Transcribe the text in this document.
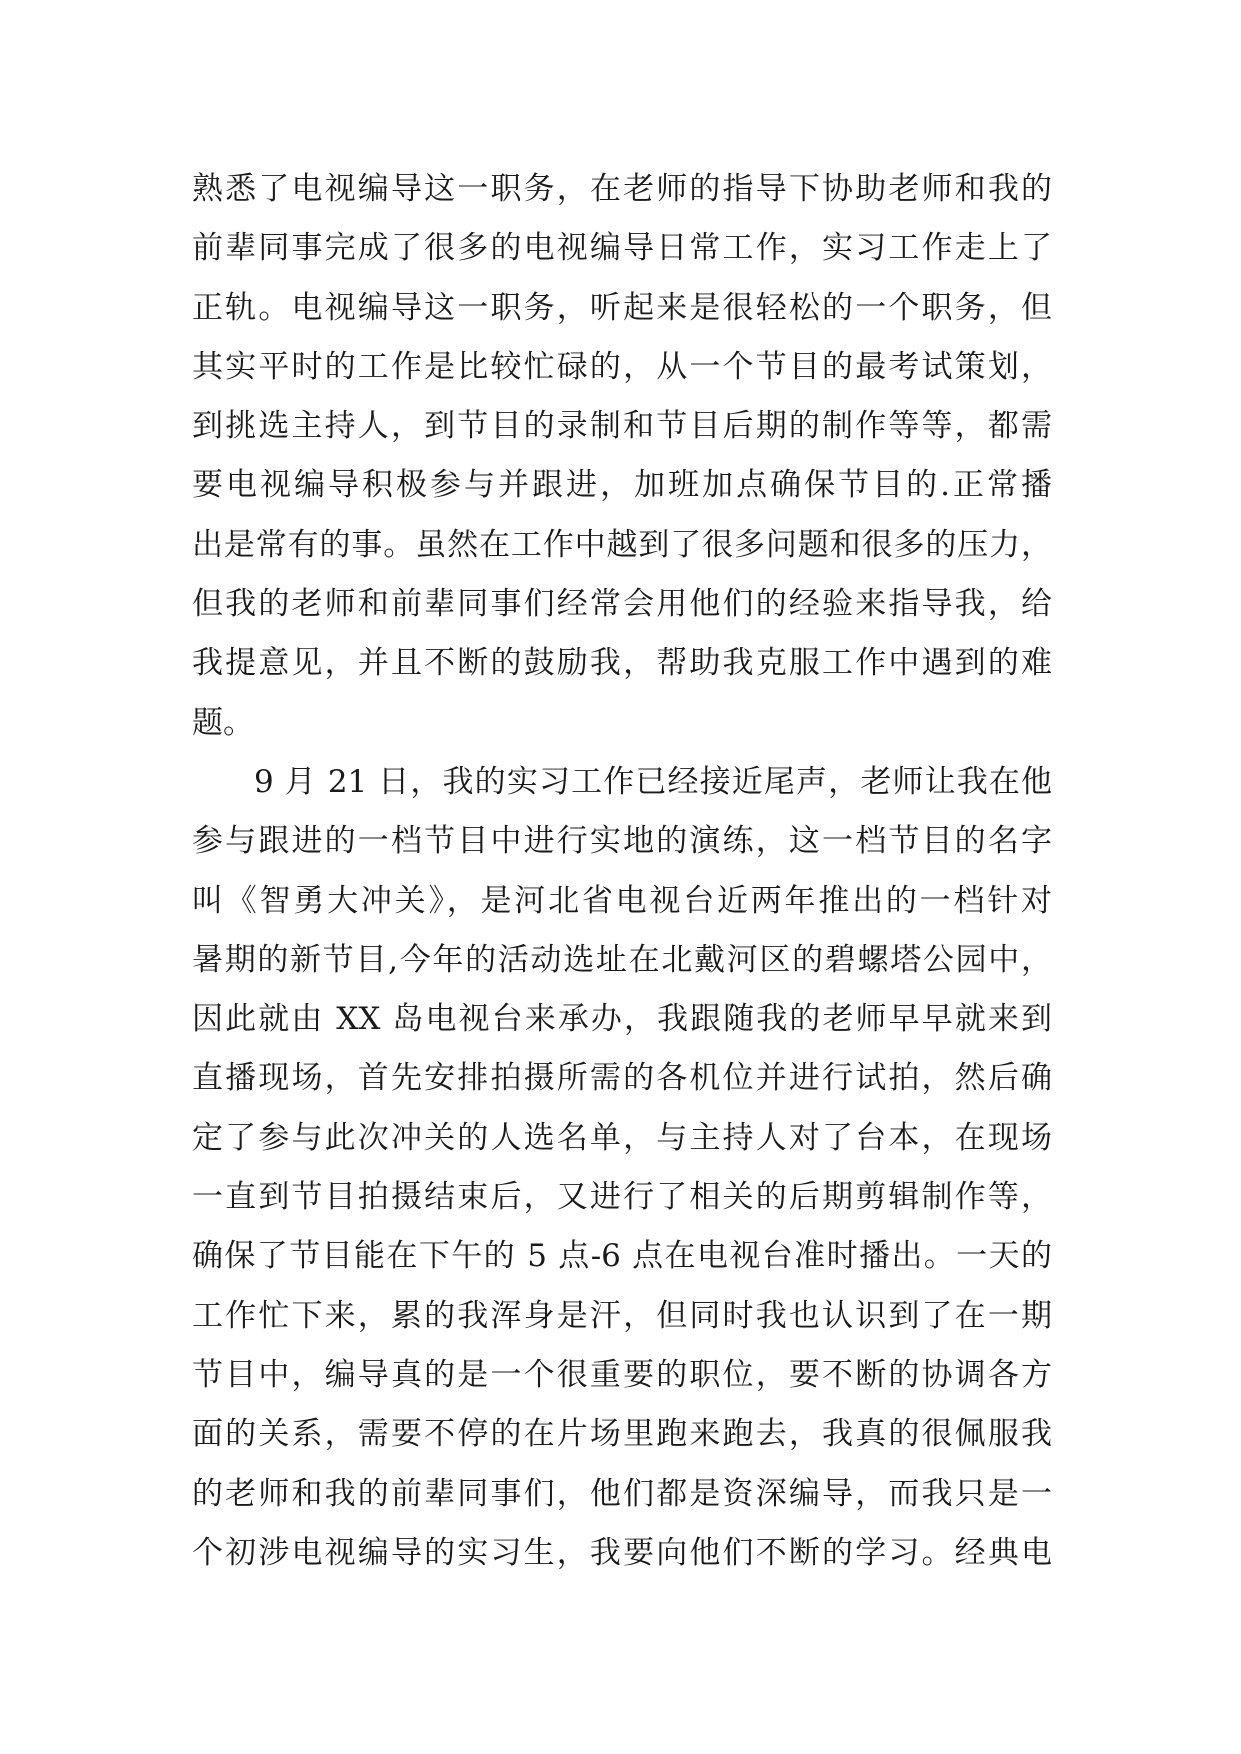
熟悉了电视编导这一职务，在老师的指导下协助老师和我的
前辈同事完成了很多的电视编导日常工作，实习工作走上了
正轨。电视编导这一职务，听起来是很轻松的一个职务，但
其实平时的工作是比较忙碌的，从一个节目的最考试策划，
到挑选主持人，到节目的录制和节目后期的制作等等，都需
要电视编导积极参与并跟进，加班加点确保节目的.正常播
出是常有的事。虽然在工作中越到了很多问题和很多的压力，
但我的老师和前辈同事们经常会用他们的经验来指导我，给
我提意见，并且不断的鼓励我，帮助我克服工作中遇到的难
题。
9 月 21 日，我的实习工作已经接近尾声，老师让我在他
参与跟进的一档节目中进行实地的演练，这一档节目的名字
叫《智勇大冲关》，是河北省电视台近两年推出的一档针对
暑期的新节目,今年的活动选址在北戴河区的碧螺塔公园中，
因此就由 XX 岛电视台来承办，我跟随我的老师早早就来到
直播现场，首先安排拍摄所需的各机位并进行试拍，然后确
定了参与此次冲关的人选名单，与主持人对了台本，在现场
一直到节目拍摄结束后，又进行了相关的后期剪辑制作等，
确保了节目能在下午的 5 点-6 点在电视台准时播出。一天的
工作忙下来，累的我浑身是汗，但同时我也认识到了在一期
节目中，编导真的是一个很重要的职位，要不断的协调各方
面的关系，需要不停的在片场里跑来跑去，我真的很佩服我
的老师和我的前辈同事们，他们都是资深编导，而我只是一
个初涉电视编导的实习生，我要向他们不断的学习。经典电
